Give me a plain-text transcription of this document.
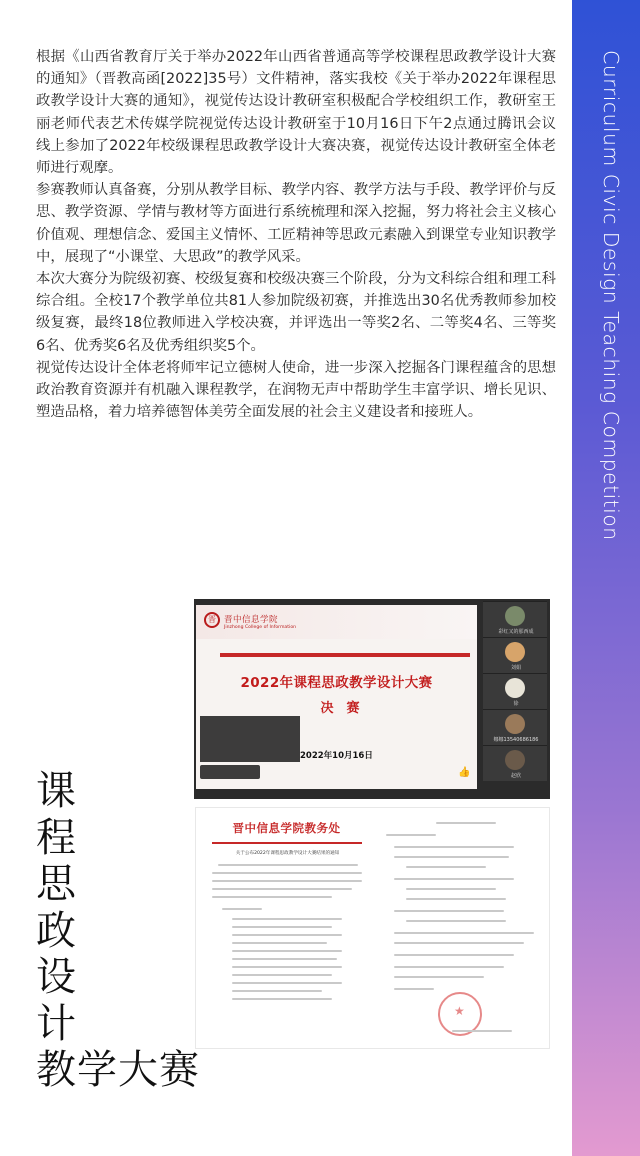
Curriculum Civic Design Teaching Competition

根据《山西省教育厅关于举办2022年山西省普通高等学校课程思政教学设计大赛的通知》（晋教高函[2022]35号）文件精神，落实我校《关于举办2022年课程思政教学设计大赛的通知》，视觉传达设计教研室积极配合学校组织工作，教研室王丽老师代表艺术传媒学院视觉传达设计教研室于10月16日下午2点通过腾讯会议线上参加了2022年校级课程思政教学设计大赛决赛，视觉传达设计教研室全体老师进行观摩。

参赛教师认真备赛，分别从教学目标、教学内容、教学方法与手段、教学评价与反思、教学资源、学情与教材等方面进行系统梳理和深入挖掘，努力将社会主义核心价值观、理想信念、爱国主义情怀、工匠精神等思政元素融入到课堂专业知识教学中，展现了“小课堂、大思政”的教学风采。

本次大赛分为院级初赛、校级复赛和校级决赛三个阶段，分为文科综合组和理工科综合组。全校17个教学单位共81人参加院级初赛，并推选出30名优秀教师参加校级复赛，最终18位教师进入学校决赛，并评选出一等奖2名、二等奖4名、三等奖6名、优秀奖6名及优秀组织奖5个。

视觉传达设计全体老将师牢记立德树人使命，进一步深入挖掘各门课程蕴含的思想政治教育资源并有机融入课程教学，在润物无声中帮助学生丰富学识、增长见识、塑造品格，着力培养德智体美劳全面发展的社会主义建设者和接班人。

晋 晋中信息学院
Jinzhong College of Information
2022年课程思政教学设计大赛
决赛
2022年10月16日
👍
彩红又的那西成
刘娟
徐
娜娜13540686186
赵欣
晋中信息学院教务处
关于公布2022年课程思政教学设计大赛结果的通知
★
课
程
思
政
设
计
教学大赛
